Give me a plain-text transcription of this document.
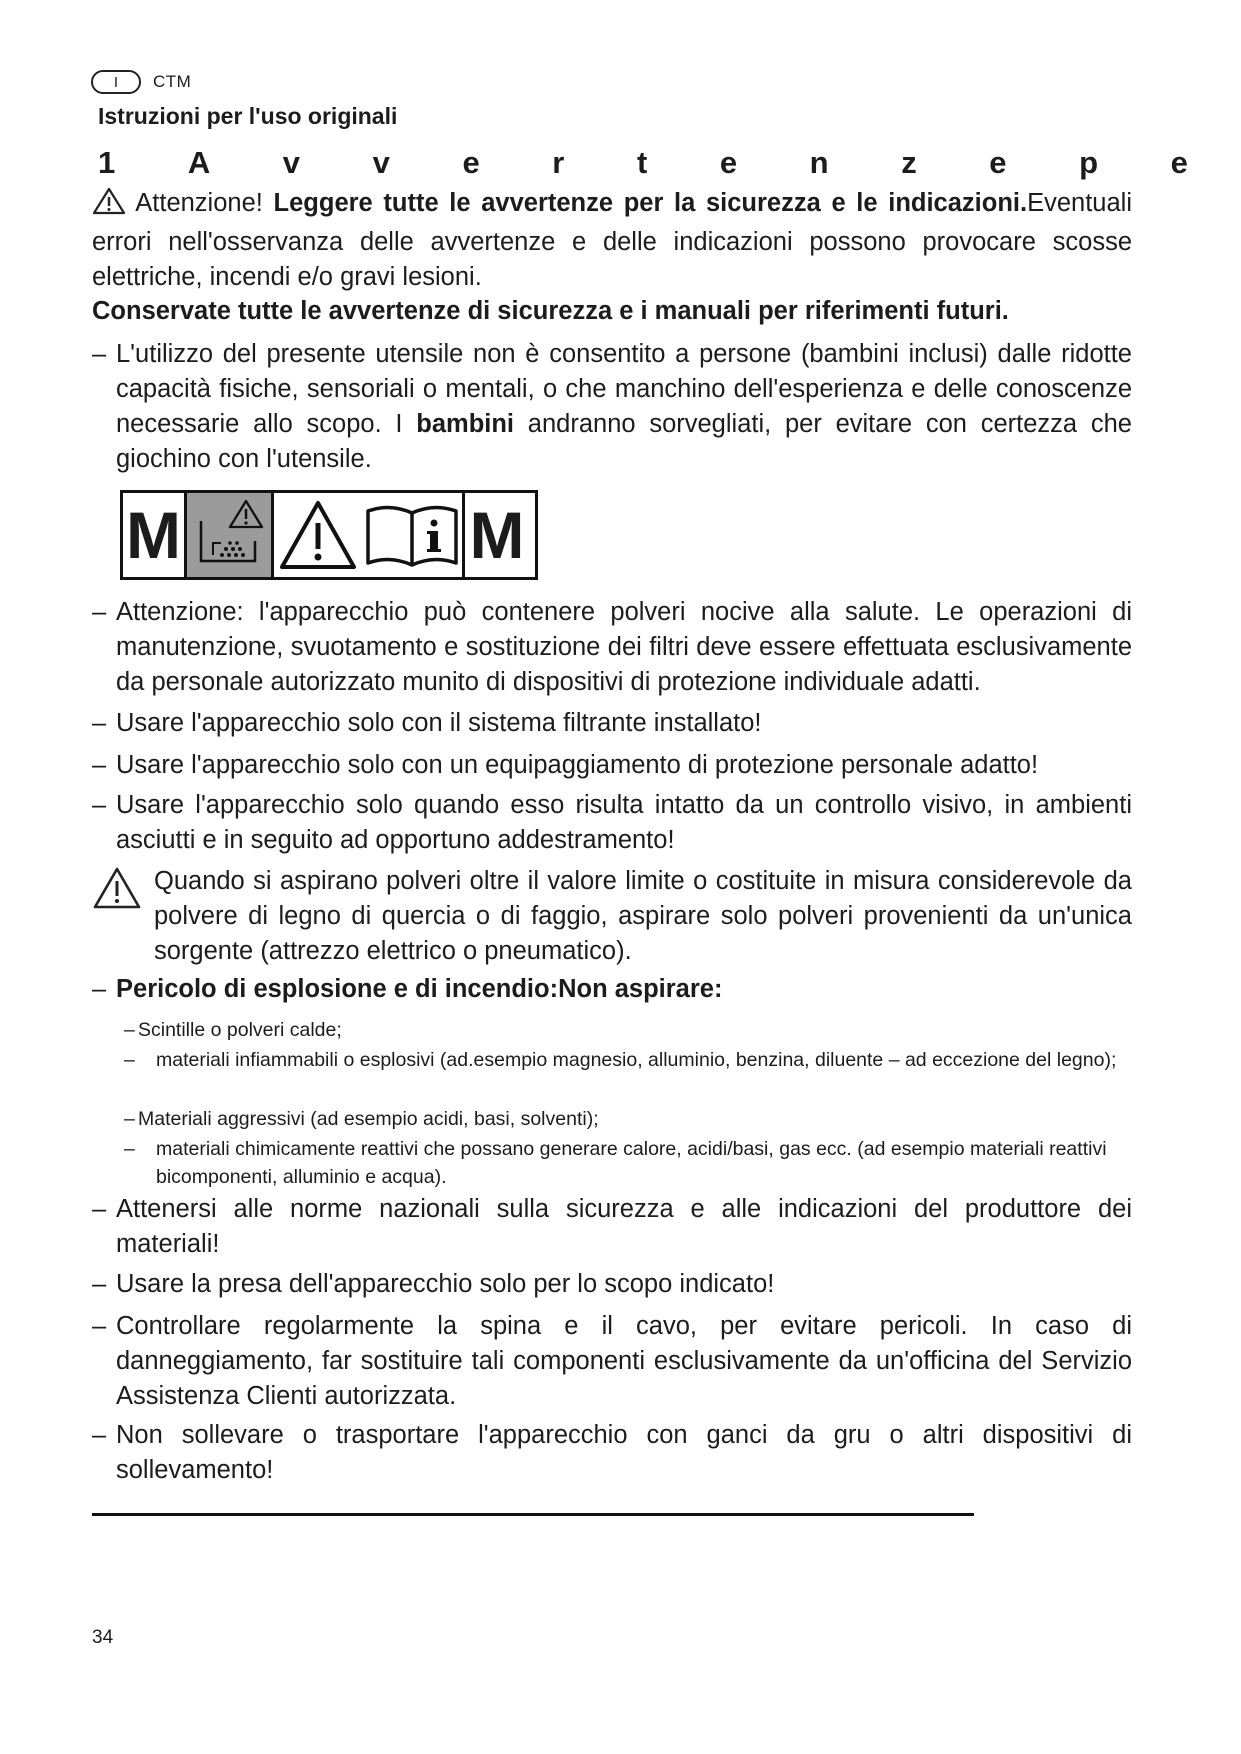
I	CTM
Istruzioni per l'uso originali
1 A v v e r t e n z e p e
Attenzione! Leggere tutte le avvertenze per la sicurezza e le indicazioni.Eventuali errori nell'osservanza delle avvertenze e delle indicazioni possono provocare scosse elettriche, incendi e/o gravi lesioni.
Conservate tutte le avvertenze di sicurezza e i manuali per riferimenti futuri.
– L'utilizzo del presente utensile non è consentito a persone (bambini inclusi) dalle ridotte capacità fisiche, sensoriali o mentali, o che manchino dell'esperienza e delle conoscenze necessarie allo scopo. I bambini andranno sorvegliati, per evitare con certezza che giochino con l'utensile.
M	M
– Attenzione: l'apparecchio può contenere polveri nocive alla salute. Le operazioni di manutenzione, svuotamento e sostituzione dei filtri deve essere effettuata esclusivamente da personale autorizzato munito di dispositivi di protezione individuale adatti.
– Usare l'apparecchio solo con il sistema filtrante installato!
– Usare l'apparecchio solo con un equipaggiamento di protezione personale adatto!
– Usare l'apparecchio solo quando esso risulta intatto da un controllo visivo, in ambienti asciutti e in seguito ad opportuno addestramento!
Quando si aspirano polveri oltre il valore limite o costituite in misura considerevole da polvere di legno di quercia o di faggio, aspirare solo polveri provenienti da un'unica sorgente (attrezzo elettrico o pneumatico).
– Pericolo di esplosione e di incendio:Non aspirare:
– Scintille o polveri calde;
–	materiali infiammabili o esplosivi (ad.esempio magnesio, alluminio, benzina, diluente – ad eccezione del legno);
– Materiali aggressivi (ad esempio acidi, basi, solventi);
–	materiali chimicamente reattivi che possano generare calore, acidi/basi, gas ecc. (ad esempio materiali reattivi bicomponenti, alluminio e acqua).
– Attenersi alle norme nazionali sulla sicurezza e alle indicazioni del produttore dei materiali!
– Usare la presa dell'apparecchio solo per lo scopo indicato!
– Controllare regolarmente la spina e il cavo, per evitare pericoli. In caso di danneggiamento, far sostituire tali componenti esclusivamente da un'officina del Servizio Assistenza Clienti autorizzata.
– Non sollevare o trasportare l'apparecchio con ganci da gru o altri dispositivi di sollevamento!
34
